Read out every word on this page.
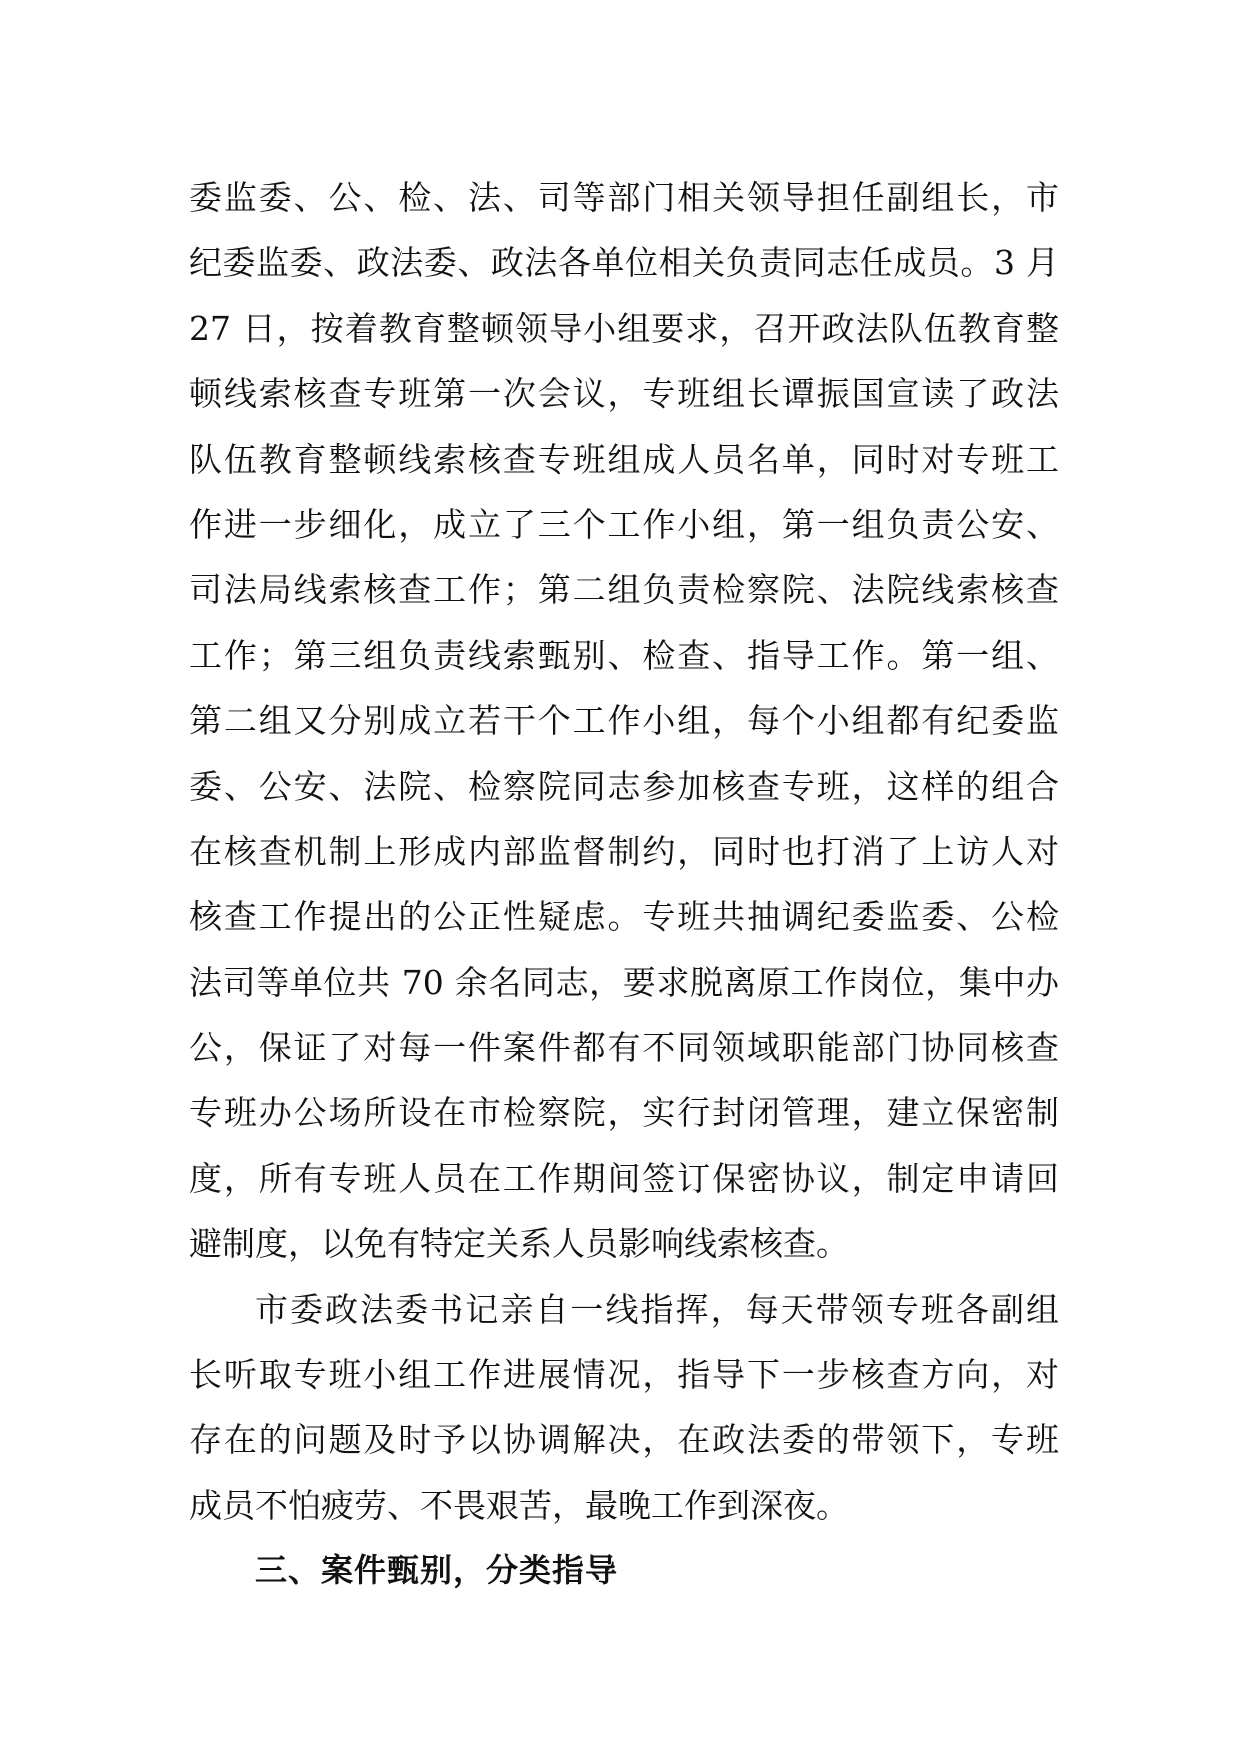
委监委、公、检、法、司等部门相关领导担任副组长，市
纪委监委、政法委、政法各单位相关负责同志任成员。3 月
27 日，按着教育整顿领导小组要求，召开政法队伍教育整
顿线索核查专班第一次会议，专班组长谭振国宣读了政法
队伍教育整顿线索核查专班组成人员名单，同时对专班工
作进一步细化，成立了三个工作小组，第一组负责公安、
司法局线索核查工作；第二组负责检察院、法院线索核查
工作；第三组负责线索甄别、检查、指导工作。第一组、
第二组又分别成立若干个工作小组，每个小组都有纪委监
委、公安、法院、检察院同志参加核查专班，这样的组合
在核查机制上形成内部监督制约，同时也打消了上访人对
核查工作提出的公正性疑虑。专班共抽调纪委监委、公检
法司等单位共 70 余名同志，要求脱离原工作岗位，集中办
公，保证了对每一件案件都有不同领域职能部门协同核查
专班办公场所设在市检察院，实行封闭管理，建立保密制
度，所有专班人员在工作期间签订保密协议，制定申请回
避制度，以免有特定关系人员影响线索核查。
市委政法委书记亲自一线指挥，每天带领专班各副组
长听取专班小组工作进展情况，指导下一步核查方向，对
存在的问题及时予以协调解决，在政法委的带领下，专班
成员不怕疲劳、不畏艰苦，最晚工作到深夜。
三、案件甄别，分类指导
